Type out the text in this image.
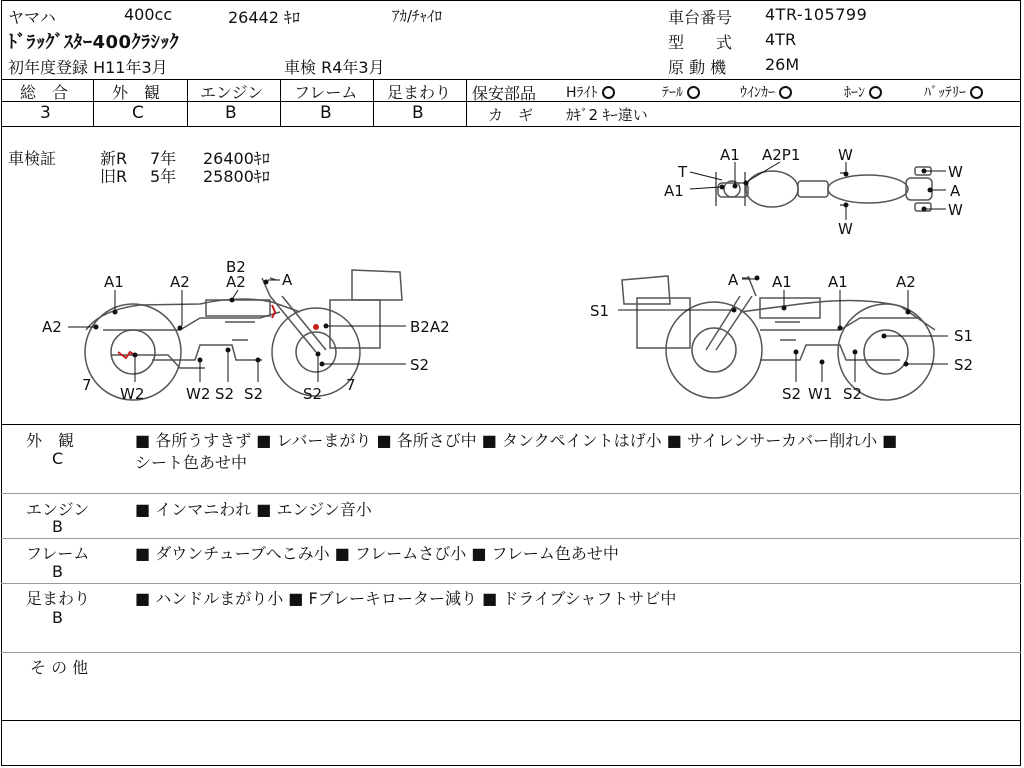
ヤマハ	400cc	26442 ｷﾛ	ｱｶ/ﾁｬｲﾛ
ﾄﾞﾗｯｸﾞｽﾀｰ400ｸﾗｼｯｸ
初年度登録 H11年3月	車検 R4年3月
車台番号 4TR-105799
型　　式 4TR
原 動 機 26M
総　合	外　観 エンジン フレーム 足まわり
3	C	B	B	B
保安部品 Hﾗｲﾄ	ﾃｰﾙ	ｳｲﾝｶｰ	ﾎｰﾝ	ﾊﾞｯﾃﾘｰ
カ　ギ ｶｷﾞ2 ｷｰ違い
車検証	新R 7年 26400ｷﾛ
旧R 5年 25800ｷﾛ
A1 A2P1	W
T	W
A1	A
W
W
B2
A1	A2 A2 A
A2	B2A2
S2
7 W2	W2 S2 S2	S2 7
A A1 A1	A2
S1
S1
S2
S2 W1 S2
外　観
C
■ 各所うすきず ■ レバーまがり ■ 各所さび中 ■ タンクペイントはげ小 ■ サイレンサーカバー削れ小 ■
シート色あせ中
エンジン
B
■ インマニわれ ■ エンジン音小
フレーム
B
■ ダウンチューブへこみ小 ■ フレームさび小 ■ フレーム色あせ中
足まわり
B
■ ハンドルまがり小 ■ Fブレーキローター減り ■ ドライブシャフトサビ中
そ の 他
